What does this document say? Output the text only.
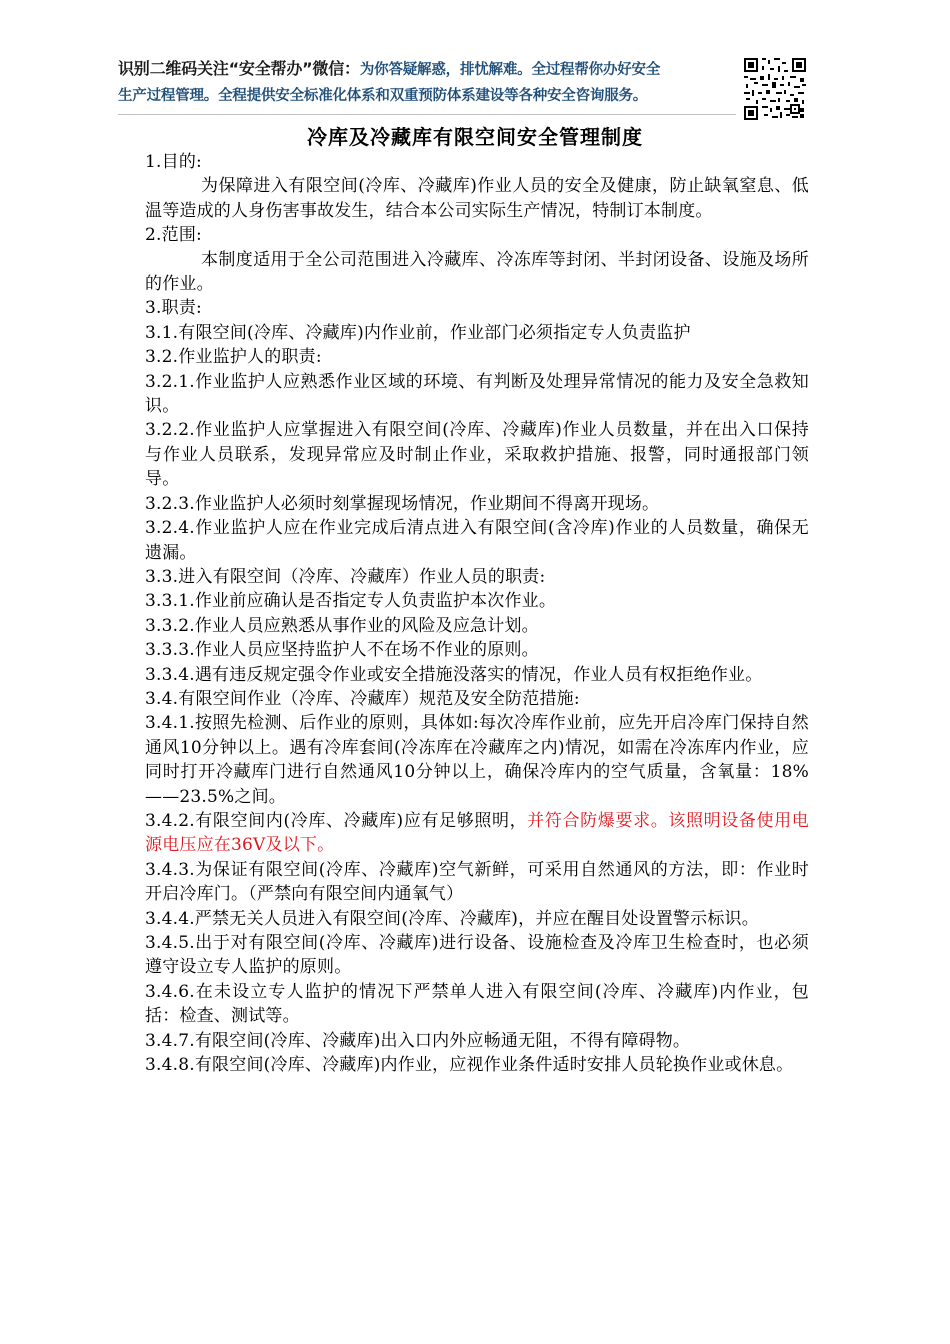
识别二维码关注“安全帮办”微信：为你答疑解惑，排忧解难。全过程帮你办好安全
生产过程管理。全程提供安全标准化体系和双重预防体系建设等各种安全咨询服务。
冷库及冷藏库有限空间安全管理制度

1.目的:

为保障进入有限空间(冷库、冷藏库)作业人员的安全及健康，防止缺氧窒息、低温等造成的人身伤害事故发生，结合本公司实际生产情况，特制订本制度。

2.范围:

本制度适用于全公司范围进入冷藏库、冷冻库等封闭、半封闭设备、设施及场所的作业。

3.职责:

3.1.有限空间(冷库、冷藏库)内作业前，作业部门必须指定专人负责监护

3.2.作业监护人的职责:

3.2.1.作业监护人应熟悉作业区域的环境、有判断及处理异常情况的能力及安全急救知识。

3.2.2.作业监护人应掌握进入有限空间(冷库、冷藏库)作业人员数量，并在出入口保持与作业人员联系，发现异常应及时制止作业，采取救护措施、报警，同时通报部门领导。

3.2.3.作业监护人必须时刻掌握现场情况，作业期间不得离开现场。

3.2.4.作业监护人应在作业完成后清点进入有限空间(含冷库)作业的人员数量，确保无遗漏。

3.3.进入有限空间（冷库、冷藏库）作业人员的职责:

3.3.1.作业前应确认是否指定专人负责监护本次作业。

3.3.2.作业人员应熟悉从事作业的风险及应急计划。

3.3.3.作业人员应坚持监护人不在场不作业的原则。

3.3.4.遇有违反规定强令作业或安全措施没落实的情况，作业人员有权拒绝作业。

3.4.有限空间作业（冷库、冷藏库）规范及安全防范措施:

3.4.1.按照先检测、后作业的原则，具体如:每次冷库作业前，应先开启冷库门保持自然通风10分钟以上。遇有冷库套间(冷冻库在冷藏库之内)情况，如需在冷冻库内作业，应同时打开冷藏库门进行自然通风10分钟以上，确保冷库内的空气质量，含氧量：18%——23.5%之间。

3.4.2.有限空间内(冷库、冷藏库)应有足够照明，并符合防爆要求。该照明设备使用电源电压应在36V及以下。

3.4.3.为保证有限空间(冷库、冷藏库)空气新鲜，可采用自然通风的方法，即：作业时开启冷库门。（严禁向有限空间内通氧气）

3.4.4.严禁无关人员进入有限空间(冷库、冷藏库)，并应在醒目处设置警示标识。

3.4.5.出于对有限空间(冷库、冷藏库)进行设备、设施检查及冷库卫生检查时，也必须遵守设立专人监护的原则。

3.4.6.在未设立专人监护的情况下严禁单人进入有限空间(冷库、冷藏库)内作业，包括：检查、测试等。

3.4.7.有限空间(冷库、冷藏库)出入口内外应畅通无阻，不得有障碍物。

3.4.8.有限空间(冷库、冷藏库)内作业，应视作业条件适时安排人员轮换作业或休息。
